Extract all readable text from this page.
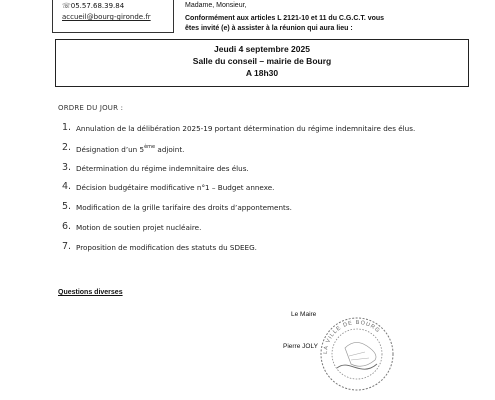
☏05.57.68.39.84
accueil@bourg-gironde.fr
Madame, Monsieur,
Conformément aux articles L 2121-10 et 11 du C.G.C.T. vous
êtes invité (e) à assister à la réunion qui aura lieu :
Jeudi 4 septembre 2025
Salle du conseil – mairie de Bourg
A 18h30
ORDRE DU JOUR :
1. Annulation de la délibération 2025-19 portant détermination du régime indemnitaire des élus.
2. Désignation d’un 5ème adjoint.
3. Détermination du régime indemnitaire des élus.
4. Décision budgétaire modificative n°1 – Budget annexe.
5. Modification de la grille tarifaire des droits d’appontements.
6. Motion de soutien projet nucléaire.
7. Proposition de modification des statuts du SDEEG.
Questions diverses
LA VILLE DE BOURG
Le Maire
Pierre JOLY
